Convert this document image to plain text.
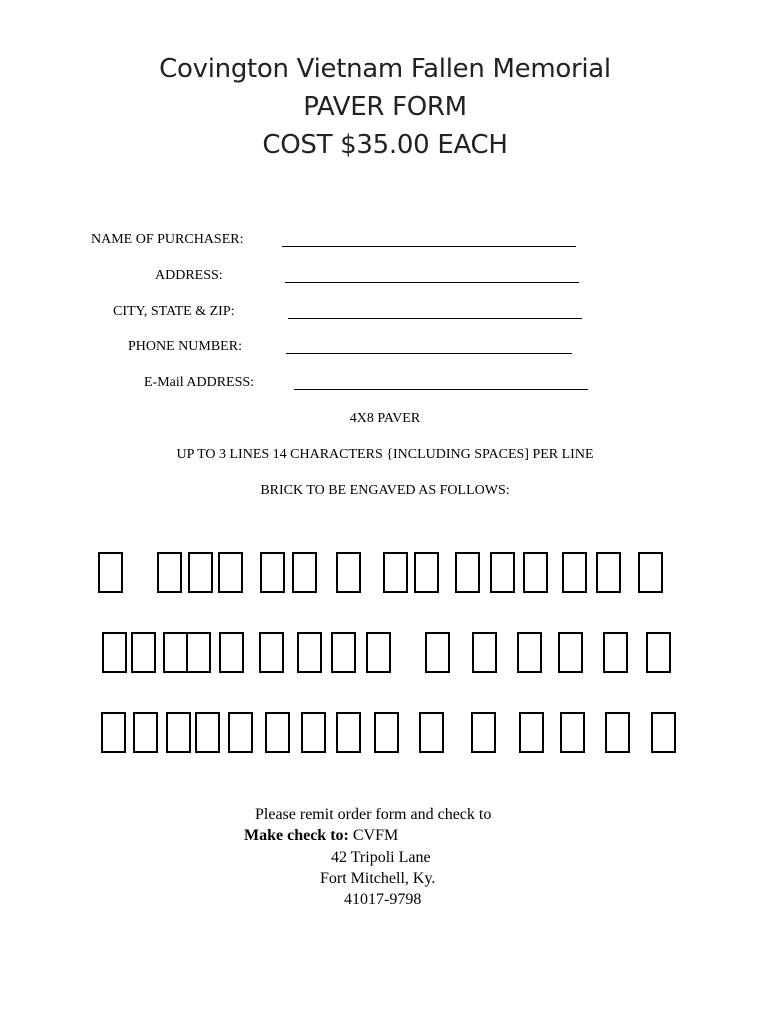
Covington Vietnam Fallen Memorial
PAVER FORM
COST $35.00 EACH
NAME OF PURCHASER:
ADDRESS:
CITY, STATE & ZIP:
PHONE NUMBER:
E-Mail ADDRESS:
4X8 PAVER
UP TO 3 LINES 14 CHARACTERS {INCLUDING SPACES] PER LINE
BRICK TO BE ENGAVED AS FOLLOWS:
Please remit order form and check to
Make check to: CVFM
42 Tripoli Lane
Fort Mitchell, Ky.
41017-9798
